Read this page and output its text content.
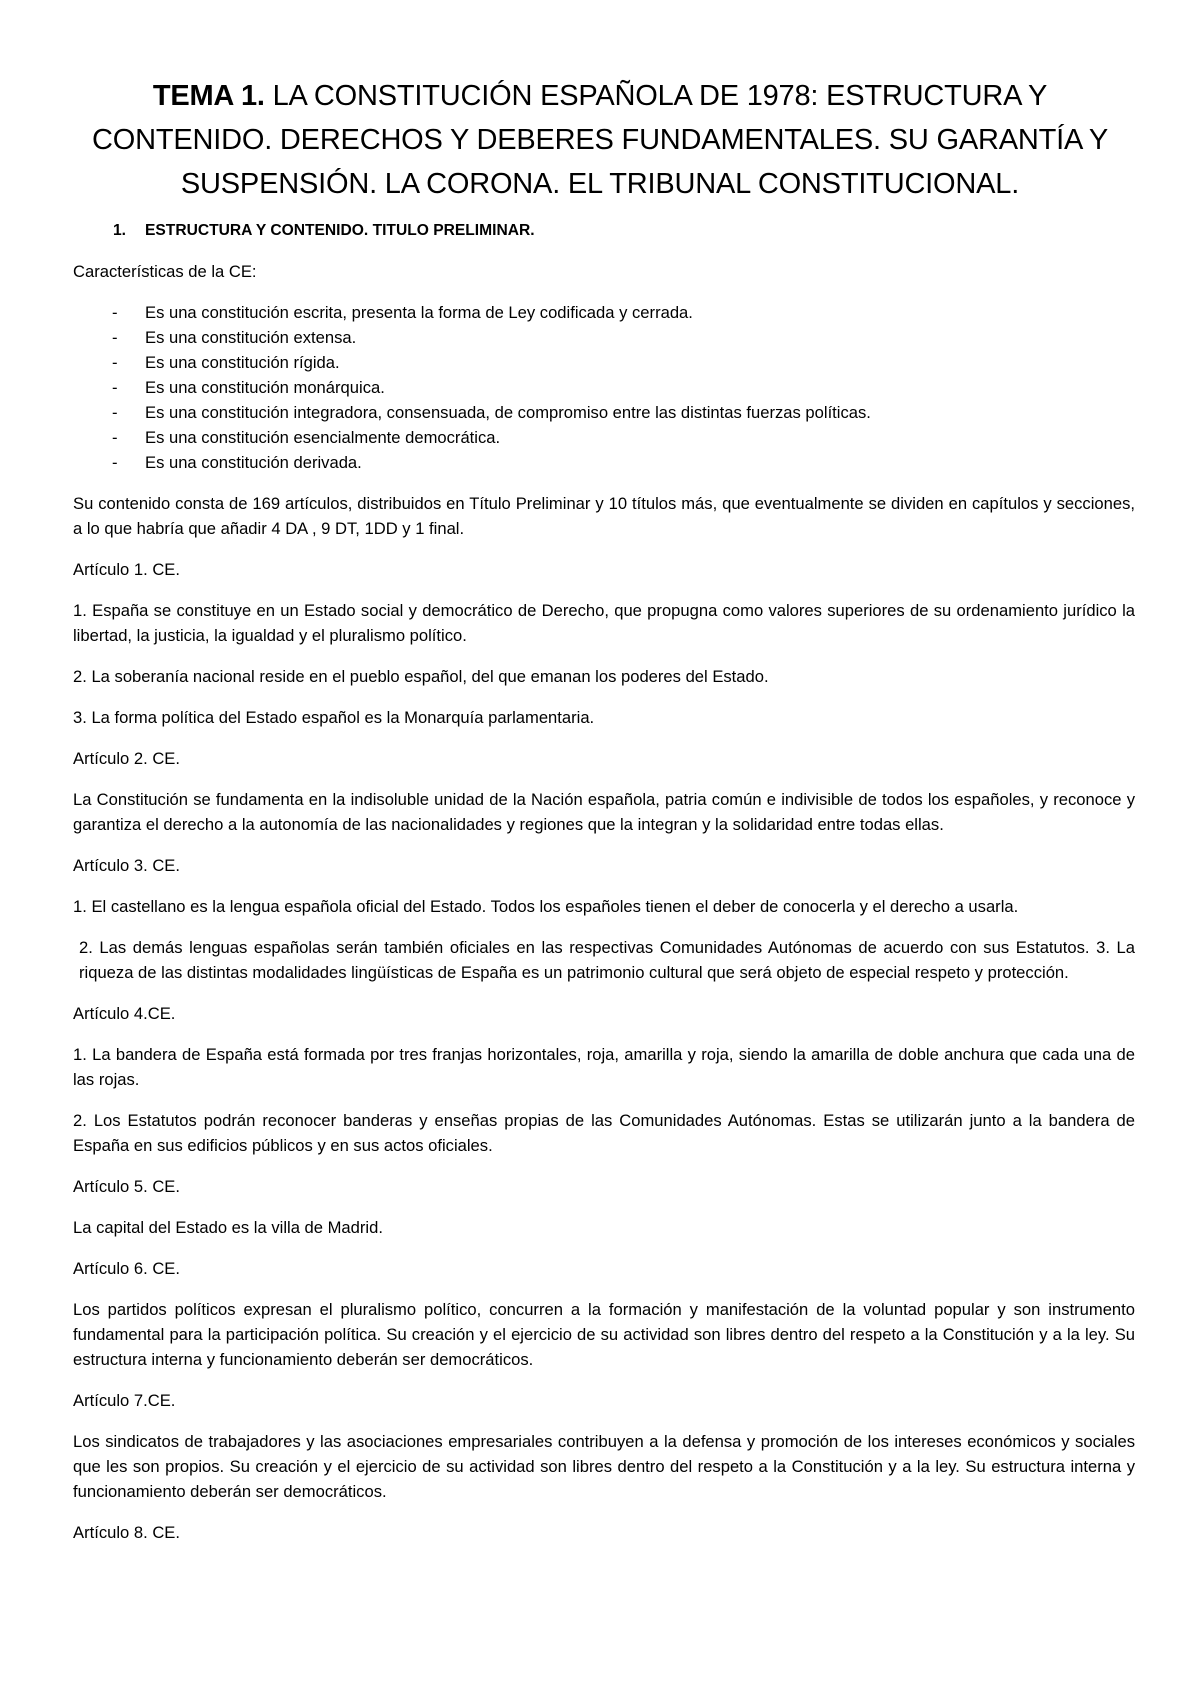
TEMA 1. LA CONSTITUCIÓN ESPAÑOLA DE 1978: ESTRUCTURA Y CONTENIDO. DERECHOS Y DEBERES FUNDAMENTALES. SU GARANTÍA Y SUSPENSIÓN. LA CORONA. EL TRIBUNAL CONSTITUCIONAL.
1. ESTRUCTURA Y CONTENIDO. TITULO PRELIMINAR.

Características de la CE:

- Es una constitución escrita, presenta la forma de Ley codificada y cerrada.
- Es una constitución extensa.
- Es una constitución rígida.
- Es una constitución monárquica.
- Es una constitución integradora, consensuada, de compromiso entre las distintas fuerzas políticas.
- Es una constitución esencialmente democrática.
- Es una constitución derivada.

Su contenido consta de 169 artículos, distribuidos en Título Preliminar y 10 títulos más, que eventualmente se dividen en capítulos y secciones, a lo que habría que añadir 4 DA , 9 DT, 1DD y 1 final.

Artículo 1. CE.

1. España se constituye en un Estado social y democrático de Derecho, que propugna como valores superiores de su ordenamiento jurídico la libertad, la justicia, la igualdad y el pluralismo político.

2. La soberanía nacional reside en el pueblo español, del que emanan los poderes del Estado.

3. La forma política del Estado español es la Monarquía parlamentaria.

Artículo 2. CE.

La Constitución se fundamenta en la indisoluble unidad de la Nación española, patria común e indivisible de todos los españoles, y reconoce y garantiza el derecho a la autonomía de las nacionalidades y regiones que la integran y la solidaridad entre todas ellas.

Artículo 3. CE.

1. El castellano es la lengua española oficial del Estado. Todos los españoles tienen el deber de conocerla y el derecho a usarla.

2. Las demás lenguas españolas serán también oficiales en las respectivas Comunidades Autónomas de acuerdo con sus Estatutos. 3. La riqueza de las distintas modalidades lingüísticas de España es un patrimonio cultural que será objeto de especial respeto y protección.

Artículo 4.CE.

1. La bandera de España está formada por tres franjas horizontales, roja, amarilla y roja, siendo la amarilla de doble anchura que cada una de las rojas.

2. Los Estatutos podrán reconocer banderas y enseñas propias de las Comunidades Autónomas. Estas se utilizarán junto a la bandera de España en sus edificios públicos y en sus actos oficiales.

Artículo 5. CE.

La capital del Estado es la villa de Madrid.

Artículo 6. CE.

Los partidos políticos expresan el pluralismo político, concurren a la formación y manifestación de la voluntad popular y son instrumento fundamental para la participación política. Su creación y el ejercicio de su actividad son libres dentro del respeto a la Constitución y a la ley. Su estructura interna y funcionamiento deberán ser democráticos.

Artículo 7.CE.

Los sindicatos de trabajadores y las asociaciones empresariales contribuyen a la defensa y promoción de los intereses económicos y sociales que les son propios. Su creación y el ejercicio de su actividad son libres dentro del respeto a la Constitución y a la ley. Su estructura interna y funcionamiento deberán ser democráticos.

Artículo 8. CE.
